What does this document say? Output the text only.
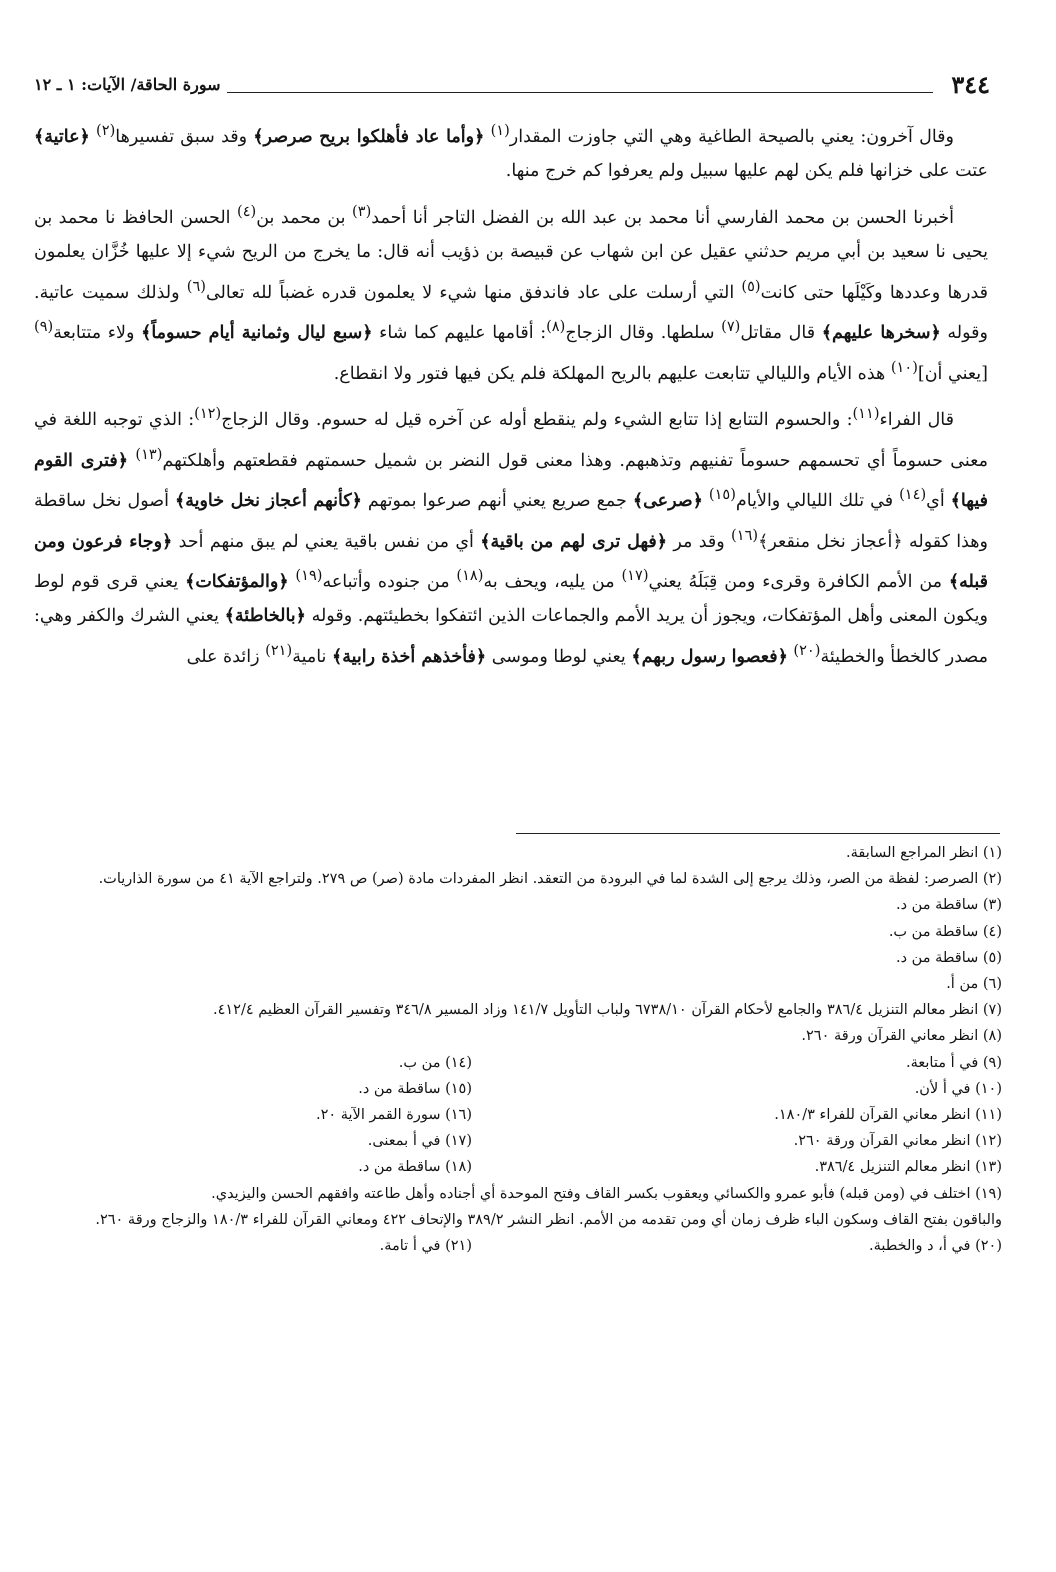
٣٤٤
سورة الحاقة/ الآيات: ١ ـ ١٢

وقال آخرون: يعني بالصيحة الطاغية وهي التي جاوزت المقدار$^{(١)}$ ﴿وأما عاد فأهلكوا بريح صرصر﴾ وقد سبق تفسيرها$^{(٢)}$ ﴿عاتية﴾ عتت على خزانها فلم يكن لهم عليها سبيل ولم يعرفوا كم خرج منها.

أخبرنا الحسن بن محمد الفارسي أنا محمد بن عبد الله بن الفضل التاجر أنا أحمد$^{(٣)}$ بن محمد بن$^{(٤)}$ الحسن الحافظ نا محمد بن يحيى نا سعيد بن أبي مريم حدثني عقيل عن ابن شهاب عن قبيصة بن ذؤيب أنه قال: ما يخرج من الريح شيء إلا عليها خُزَّان يعلمون قدرها وعددها وكَيْلَها حتى كانت$^{(٥)}$ التي أرسلت على عاد فاندفق منها شيء لا يعلمون قدره غضباً لله تعالى$^{(٦)}$ ولذلك سميت عاتية. وقوله ﴿سخرها عليهم﴾ قال مقاتل$^{(٧)}$ سلطها. وقال الزجاج$^{(٨)}$: أقامها عليهم كما شاء ﴿سبع ليال وثمانية أيام حسوماً﴾ ولاء متتابعة$^{(٩)}$ [يعني أن]$^{(١٠)}$ هذه الأيام والليالي تتابعت عليهم بالريح المهلكة فلم يكن فيها فتور ولا انقطاع.

قال الفراء$^{(١١)}$: والحسوم التتابع إذا تتابع الشيء ولم ينقطع أوله عن آخره قيل له حسوم. وقال الزجاج$^{(١٢)}$: الذي توجبه اللغة في معنى حسوماً أي تحسمهم حسوماً تفنيهم وتذهبهم. وهذا معنى قول النضر بن شميل حسمتهم فقطعتهم وأهلكتهم$^{(١٣)}$ ﴿فترى القوم فيها﴾ أي$^{(١٤)}$ في تلك الليالي والأيام$^{(١٥)}$ ﴿صرعى﴾ جمع صريع يعني أنهم صرعوا بموتهم ﴿كأنهم أعجاز نخل خاوية﴾ أصول نخل ساقطة وهذا كقوله ﴿أعجاز نخل منقعر﴾$^{(١٦)}$ وقد مر ﴿فهل ترى لهم من باقية﴾ أي من نفس باقية يعني لم يبق منهم أحد ﴿وجاء فرعون ومن قبله﴾ من الأمم الكافرة وقرىء ومن قِبَلَهُ يعني$^{(١٧)}$ من يليه، ويحف به$^{(١٨)}$ من جنوده وأتباعه$^{(١٩)}$ ﴿والمؤتفكات﴾ يعني قرى قوم لوط ويكون المعنى وأهل المؤتفكات، ويجوز أن يريد الأمم والجماعات الذين ائتفكوا بخطيئتهم. وقوله ﴿بالخاطئة﴾ يعني الشرك والكفر وهي: مصدر كالخطأ والخطيئة$^{(٢٠)}$ ﴿فعصوا رسول ربهم﴾ يعني لوطا وموسى ﴿فأخذهم أخذة رابية﴾ نامية$^{(٢١)}$ زائدة على

(١) انظر المراجع السابقة.

(٢) الصرصر: لفظة من الصر، وذلك يرجع إلى الشدة لما في البرودة من التعقد. انظر المفردات مادة (صر) ص ٢٧٩. ولتراجع الآية ٤١ من سورة الذاريات.

(٣) ساقطة من د.

(٤) ساقطة من ب.

(٥) ساقطة من د.

(٦) من أ.

(٧) انظر معالم التنزيل ٣٨٦/٤ والجامع لأحكام القرآن ٦٧٣٨/١٠ ولباب التأويل ١٤١/٧ وزاد المسير ٣٤٦/٨ وتفسير القرآن العظيم ٤١٢/٤.

(٨) انظر معاني القرآن ورقة ٢٦٠.

(٩) في أ متابعة.
(١٤) من ب.
(١٠) في أ لأن.
(١٥) ساقطة من د.
(١١) انظر معاني القرآن للفراء ١٨٠/٣.
(١٦) سورة القمر الآية ٢٠.
(١٢) انظر معاني القرآن ورقة ٢٦٠.
(١٧) في أ بمعنى.
(١٣) انظر معالم التنزيل ٣٨٦/٤.
(١٨) ساقطة من د.

(١٩) اختلف في (ومن قبله) فأبو عمرو والكسائي ويعقوب بكسر القاف وفتح الموحدة أي أجناده وأهل طاعته وافقهم الحسن واليزيدي.

والباقون بفتح القاف وسكون الباء ظرف زمان أي ومن تقدمه من الأمم. انظر النشر ٣٨٩/٢ والإتحاف ٤٢٢ ومعاني القرآن للفراء ١٨٠/٣ والزجاج ورقة ٢٦٠.

(٢٠) في أ، د والخطبة.
(٢١) في أ تامة.
